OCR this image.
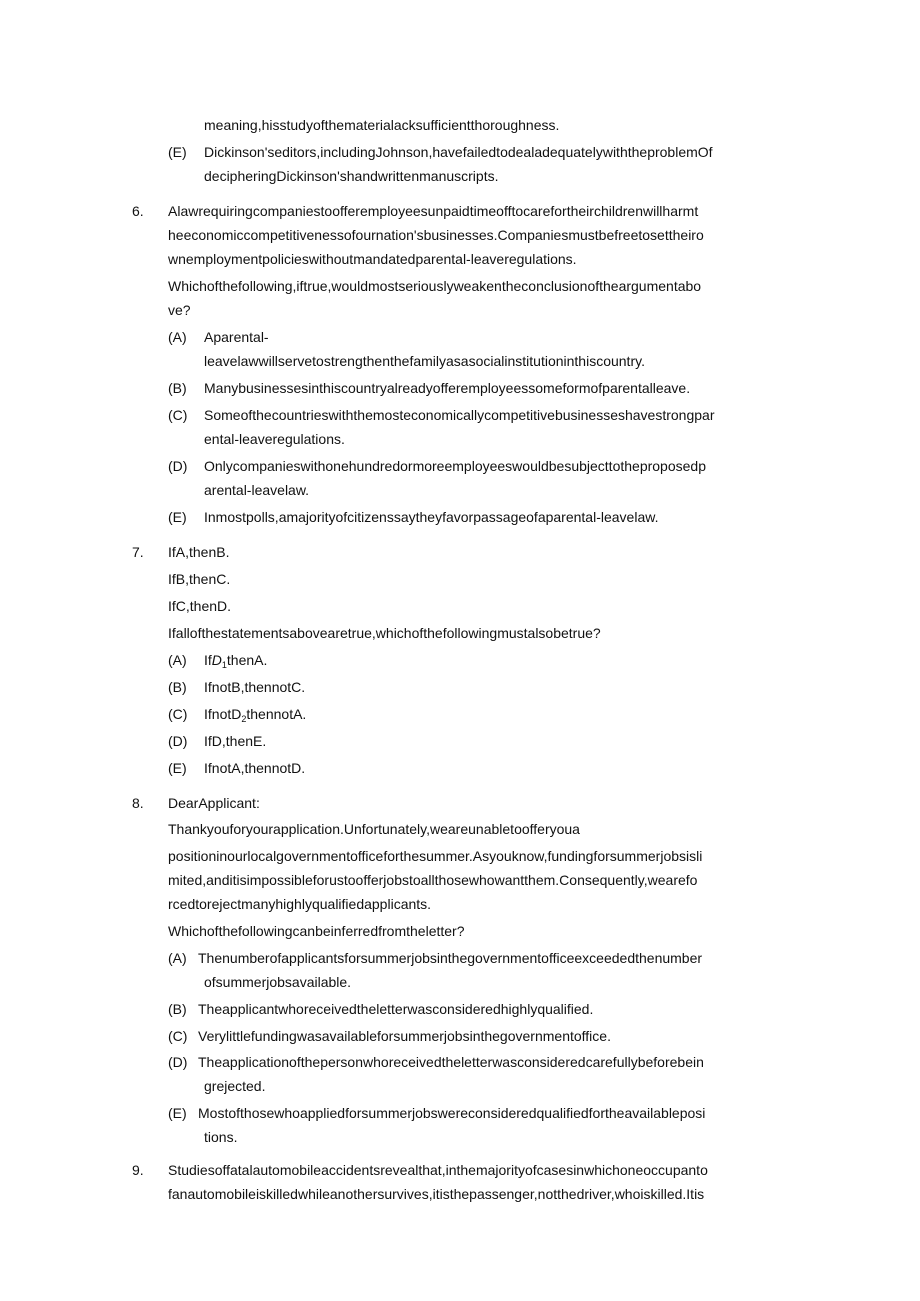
meaning,hisstudyofthematerialacksufficientthoroughness.
(E) Dickinson'seditors,includingJohnson,havefailedtodealadequatelywiththeproblemOf
decipheringDickinson'shandwrittenmanuscripts.
6. Alawrequiringcompaniestoofferemployeesunpaidtimeofftocarefortheirchildrenwillharmt
heeconomiccompetitivenessofournation'sbusinesses.Companiesmustbefreetosettheiro
wnemploymentpolicieswithoutmandatedparental-leaveregulations.
Whichofthefollowing,iftrue,wouldmostseriouslyweakentheconclusionoftheargumentabo
ve?
(A) Aparental-
leavelawwillservetostrengthenthefamilyasasocialinstitutioninthiscountry.
(B) Manybusinessesinthiscountryalreadyofferemployeessomeformofparentalleave.
(C) Someofthecountrieswiththemosteconomicallycompetitivebusinesseshavestrongpar
ental-leaveregulations.
(D) Onlycompanieswithonehundredormoreemployeeswouldbesubjecttotheproposedp
arental-leavelaw.
(E) Inmostpolls,amajorityofcitizenssaytheyfavorpassageofaparental-leavelaw.
7. IfA,thenB.
IfB,thenC.
IfC,thenD.
Ifallofthestatementsabovearetrue,whichofthefollowingmustalsobetrue?
(A) IfD$_1$thenA.
(B) IfnotB,thennotC.
(C) IfnotD$_2$thennotA.
(D) IfD,thenE.
(E) IfnotA,thennotD.
8. DearApplicant:
Thankyouforyourapplication.Unfortunately,weareunabletoofferyoua
positioninourlocalgovernmentofficeforthesummer.Asyouknow,fundingforsummerjobsisli
mited,anditisimpossibleforustoofferjobstoallthosewhowantthem.Consequently,wearefo
rcedtorejectmanyhighlyqualifiedapplicants.
Whichofthefollowingcanbeinferredfromtheletter?
(A) Thenumberofapplicantsforsummerjobsinthegovernmentofficeexceededthenumber
ofsummerjobsavailable.
(B) Theapplicantwhoreceivedtheletterwasconsideredhighlyqualified.
(C) Verylittlefundingwasavailableforsummerjobsinthegovernmentoffice.
(D) Theapplicationofthepersonwhoreceivedtheletterwasconsideredcarefullybeforebein
grejected.
(E) Mostofthosewhoappliedforsummerjobswereconsideredqualifiedfortheavailableposi
tions.
9. Studiesoffatalautomobileaccidentsrevealthat,inthemajorityofcasesinwhichoneoccupanto
fanautomobileiskilledwhileanothersurvives,itisthepassenger,notthedriver,whoiskilled.Itis
